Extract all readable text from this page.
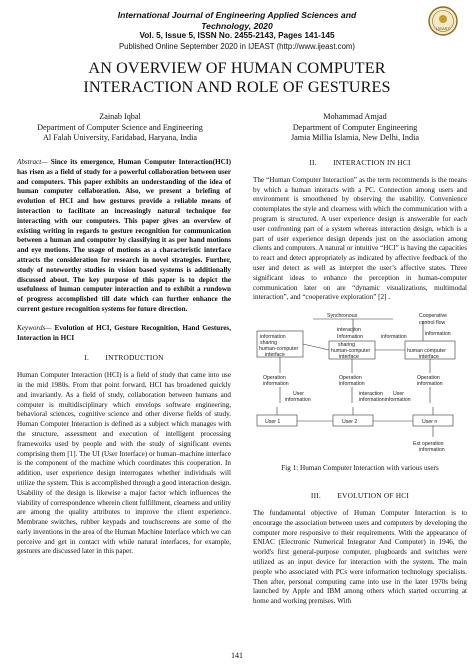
International Journal of Engineering Applied Sciences and Technology, 2020
Vol. 5, Issue 5, ISSN No. 2455-2143, Pages 141-145
Published Online September 2020 in IJEAST (http://www.ijeast.com)
IJEAST
AN OVERVIEW OF HUMAN COMPUTER
INTERACTION AND ROLE OF GESTURES
Zainab Iqbal
Department of Computer Science and Engineering
Al Falah University, Faridabad, Haryana, India
Mohammad Amjad
Department of Computer Engineering
Jamia Millia Islamia, New Delhi, India

Abstract— Since its emergence, Human Computer Interaction(HCI) has risen as a field of study for a powerful collaboration between user and computers. This paper exhibits an understanding of the idea of human computer collaboration. Also, we present a briefing of evolution of HCI and how gestures provide a reliable means of interaction to facilitate an increasingly natural technique for interacting with our computers. This paper gives an overview of existing writing in regards to gesture recognition for communication between a human and computer by classifying it as per hand motions and eye motions. The usage of motions as a characteristic interface attracts the consideration for research in novel strategies. Further, study of noteworthy studies in vision based systems is additionally discussed about. The key purpose of this paper is to depict the usefulness of human computer interaction and to exhibit a rundown of progress accomplished till date which can further enhance the current gesture recognition systems for future direction.

Keywords— Evolution of HCI, Gesture Recognition, Hand Gestures, Interaction in HCI

I.        INTRODUCTION

Human Computer Interaction (HCI) is a field of study that came into use in the mid 1980s. From that point forward, HCI has broadened quickly and invariantly. As a field of study, collaboration between humans and computer is multidisciplinary which envelops software engineering, behavioral sciences, cognitive science and other diverse fields of study. Human Computer Interaction is defined as a subject which manages with the structure, assessment and execution of intelligent processing frameworks used by people and with the study of significant events comprising them [1]. The UI (User Interface) or human–machine interface is the component of the machine which coordinates this cooperation. In addition, user experience design interrogates whether individuals will utilize the system. This is accomplished through a good interaction design. Usability of the design is likewise a major factor which influences the viability of correspondence wherein client fulfillment, clearness and utility are among the quality attributes to improve the client experience. Membrane switches, rubber keypads and touchscreens are some of the early inventions in the area of the Human Machine Interface which we can perceive and get in contact with while natural interfaces, for example, gestures are discussed later in this paper.

II.        INTERACTION IN HCI

The “Human Computer Interaction” as the term recommends is the means by which a human interacts with a PC. Connection among users and environment is smoothened by observing the usability. Convenience contemplates the style and clearness with which the communication with a program is structured. A user experience design is answerable for each user confronting part of a system whereas interaction design, which is a part of user experience design depends just on the association among clients and computers. A natural or intuitive “HCI” is having the capacities to react and detect appropriately as indicated by affective feedback of the user and detect as well as interpret the user’s affective states. Three significant ideas to enhance the perception in human-computer communication later on are “dynamic visualizations, multimodal interaction”, and “cooperative exploration” [2] .

Synchronous	Cooperative
control flow
information
sharing
human-computer
interface
interaction
Information
sharing
human-computer
interface
information	information
human computer
interface
Operation
information
Operation
information
Operation
information
User
information
interaction
information
User
information
User 1	User 2	User n
Ext operation
information
Fig 1: Human Computer Interaction with various users
III.        EVOLUTION OF HCI

The fundamental objective of Human Computer Interaction is to encourage the association between users and computers by developing the computer more responsive to their requirements. With the appearance of ENIAC (Electronic Numerical Integrator And Computer) in 1946, the world's first general-purpose computer, plugboards and switches were utilized as an input device for interaction with the system. The main people who associated with PCs were information technology specialists. Then after, personal computing came into use in the later 1970s being launched by Apple and IBM among others which started occurring at home and working premises. With

141
